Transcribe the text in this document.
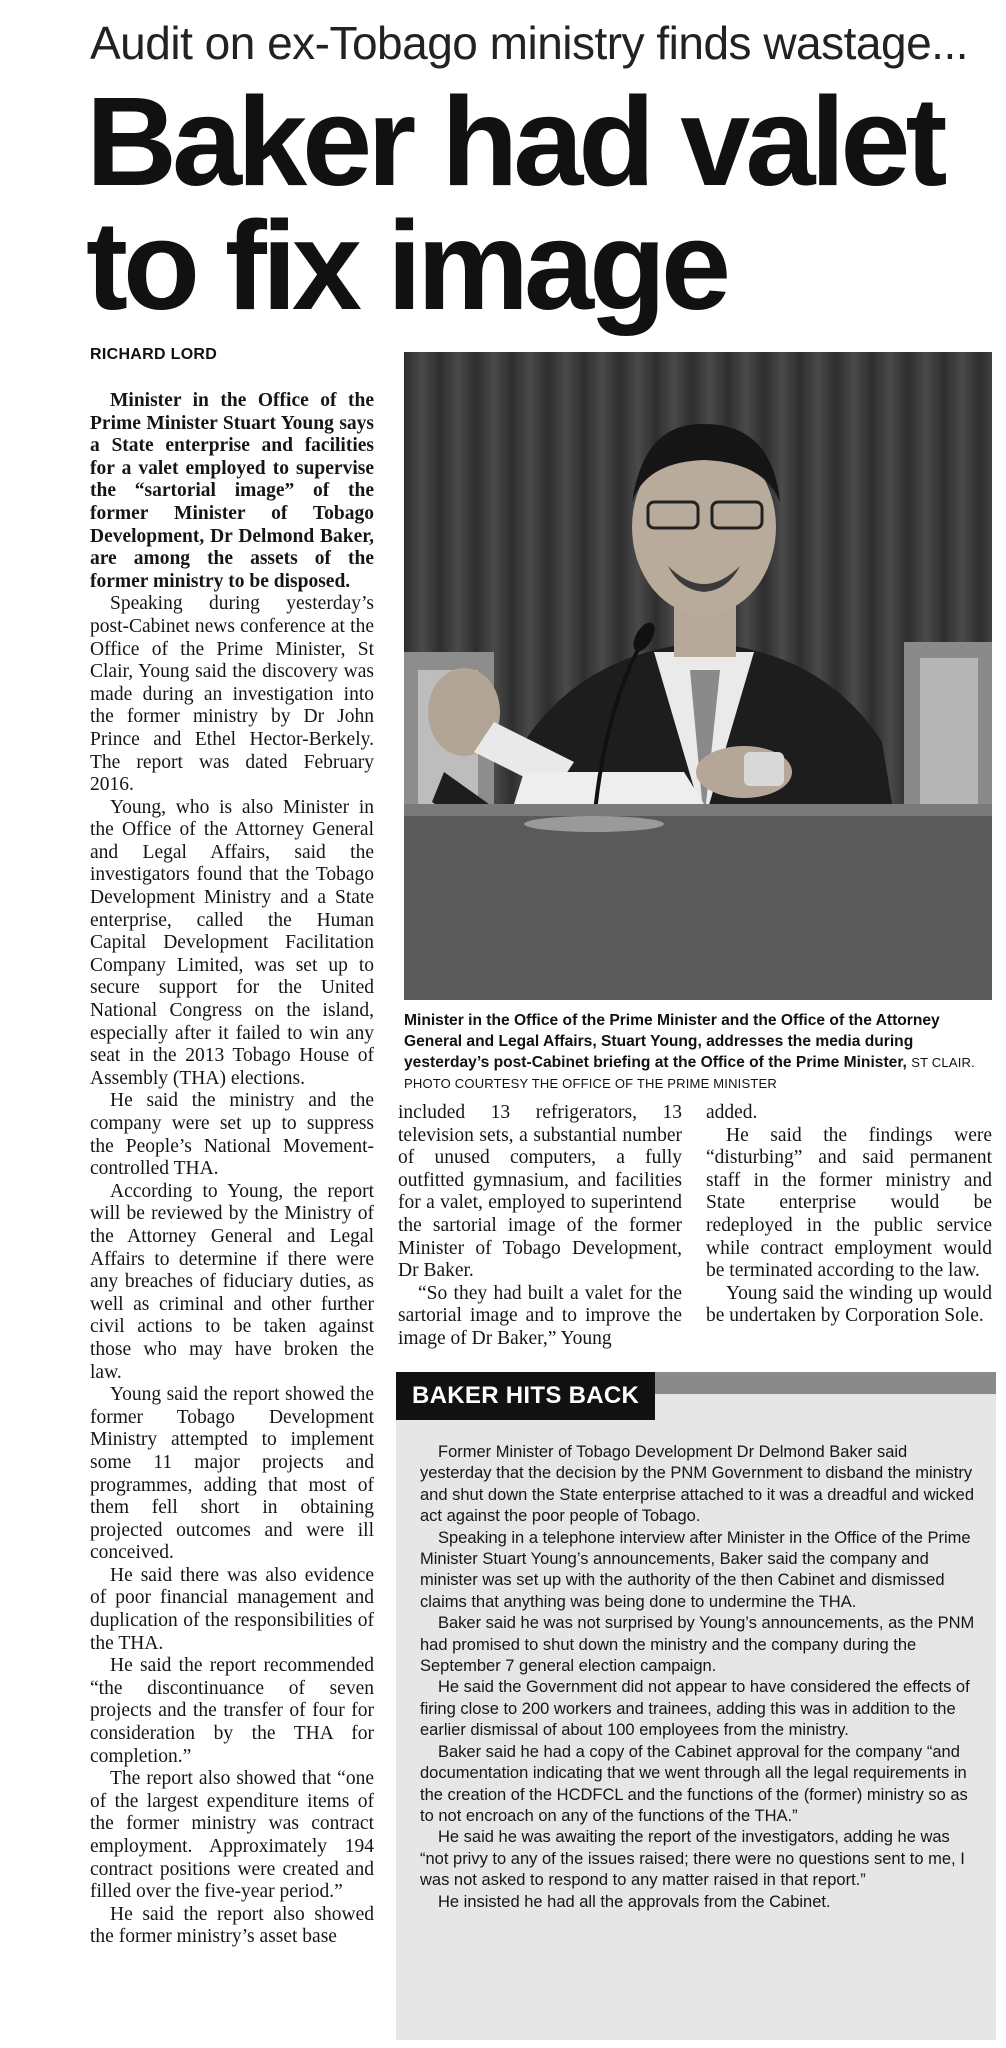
Audit on ex-Tobago ministry finds wastage...
Baker had valet
to fix image
RICHARD LORD

Minister in the Office of the Prime Minister Stuart Young says a State enterprise and facilities for a valet employed to supervise the “sartorial image” of the former Minister of Tobago Development, Dr Delmond Baker, are among the assets of the former ministry to be disposed.

Speaking during yesterday’s post-Cabinet news conference at the Office of the Prime Minister, St Clair, Young said the discovery was made during an investigation into the former ministry by Dr John Prince and Ethel Hector-Berkely. The report was dated February 2016.

Young, who is also Minister in the Office of the Attorney General and Legal Affairs, said the investigators found that the Tobago Development Ministry and a State enterprise, called the Human Capital Development Facilitation Company Limited, was set up to secure support for the United National Congress on the island, especially after it failed to win any seat in the 2013 Tobago House of Assembly (THA) elections.

He said the ministry and the company were set up to suppress the People’s National Movement-controlled THA.

According to Young, the report will be reviewed by the Ministry of the Attorney General and Legal Affairs to determine if there were any breaches of fiduciary duties, as well as criminal and other further civil actions to be taken against those who may have broken the law.

Young said the report showed the former Tobago Development Ministry attempted to implement some 11 major projects and programmes, adding that most of them fell short in obtaining projected outcomes and were ill conceived.

He said there was also evidence of poor financial management and duplication of the responsibilities of the THA.

He said the report recommended “the discontinuance of seven projects and the transfer of four for consideration by the THA for completion.”

The report also showed that “one of the largest expenditure items of the former ministry was contract employment. Approximately 194 contract positions were created and filled over the five-year period.”

He said the report also showed the former ministry’s asset base

Minister in the Office of the Prime Minister and the Office of the Attorney General and Legal Affairs, Stuart Young, addresses the media during yesterday’s post-Cabinet briefing at the Office of the Prime Minister, ST CLAIR. PHOTO COURTESY THE OFFICE OF THE PRIME MINISTER

included 13 refrigerators, 13 television sets, a substantial number of unused computers, a fully outfitted gymnasium, and facilities for a valet, employed to superintend the sartorial image of the former Minister of Tobago Development, Dr Baker.

“So they had built a valet for the sartorial image and to improve the image of Dr Baker,” Young

added.

He said the findings were “disturbing” and said permanent staff in the former ministry and State enterprise would be redeployed in the public service while contract employment would be terminated according to the law.

Young said the winding up would be undertaken by Corporation Sole.

BAKER HITS BACK

Former Minister of Tobago Development Dr Delmond Baker said yesterday that the decision by the PNM Government to disband the ministry and shut down the State enterprise attached to it was a dreadful and wicked act against the poor people of Tobago.

Speaking in a telephone interview after Minister in the Office of the Prime Minister Stuart Young’s announcements, Baker said the company and minister was set up with the authority of the then Cabinet and dismissed claims that anything was being done to undermine the THA.

Baker said he was not surprised by Young’s announcements, as the PNM had promised to shut down the ministry and the company during the September 7 general election campaign.

He said the Government did not appear to have considered the effects of firing close to 200 workers and trainees, adding this was in addition to the earlier dismissal of about 100 employees from the ministry.

Baker said he had a copy of the Cabinet approval for the company “and documentation indicating that we went through all the legal requirements in the creation of the HCDFCL and the functions of the (former) ministry so as to not encroach on any of the functions of the THA.”

He said he was awaiting the report of the investigators, adding he was “not privy to any of the issues raised; there were no questions sent to me, I was not asked to respond to any matter raised in that report.”

He insisted he had all the approvals from the Cabinet.
